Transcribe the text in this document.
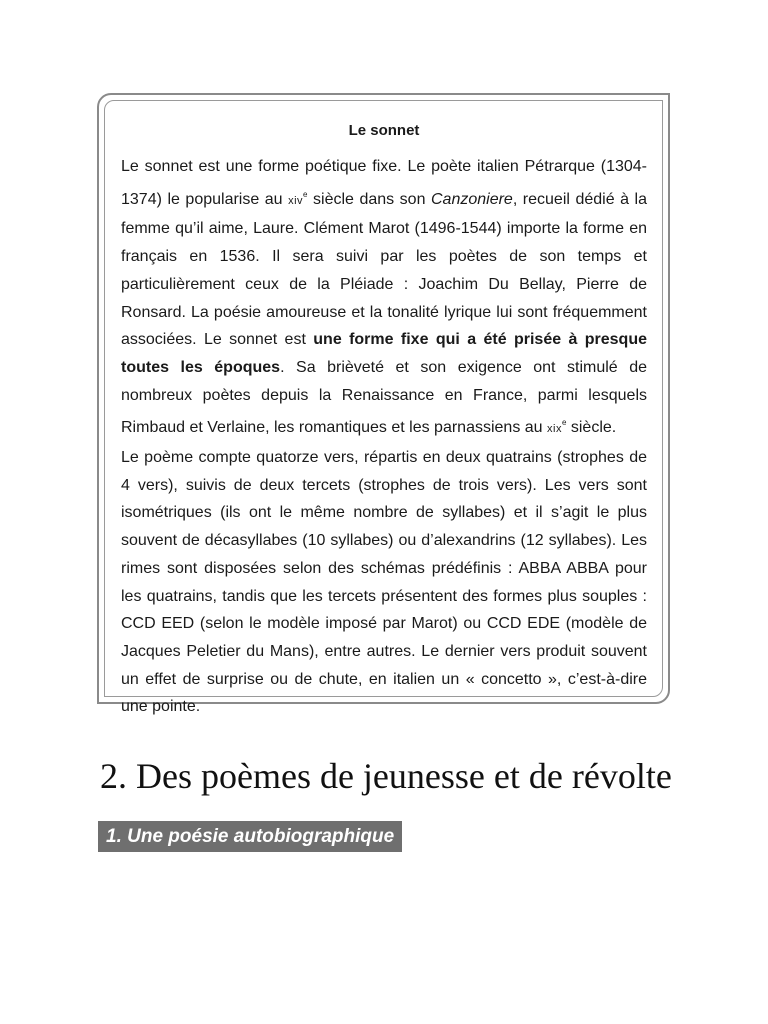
Le sonnet

Le sonnet est une forme poétique fixe. Le poète italien Pétrarque (1304-1374) le popularise au xiv$^e$ siècle dans son Canzoniere, recueil dédié à la femme qu’il aime, Laure. Clément Marot (1496-1544) importe la forme en français en 1536. Il sera suivi par les poètes de son temps et particulièrement ceux de la Pléiade : Joachim Du Bellay, Pierre de Ronsard. La poésie amoureuse et la tonalité lyrique lui sont fréquemment associées. Le sonnet est une forme fixe qui a été prisée à presque toutes les époques. Sa brièveté et son exigence ont stimulé de nombreux poètes depuis la Renaissance en France, parmi lesquels Rimbaud et Verlaine, les romantiques et les parnassiens au xix$^e$ siècle.

Le poème compte quatorze vers, répartis en deux quatrains (strophes de 4 vers), suivis de deux tercets (strophes de trois vers). Les vers sont isométriques (ils ont le même nombre de syllabes) et il s’agit le plus souvent de décasyllabes (10 syllabes) ou d’alexandrins (12 syllabes). Les rimes sont disposées selon des schémas prédéfinis : ABBA ABBA pour les quatrains, tandis que les tercets présentent des formes plus souples : CCD EED (selon le modèle imposé par Marot) ou CCD EDE (modèle de Jacques Peletier du Mans), entre autres. Le dernier vers produit souvent un effet de surprise ou de chute, en italien un « concetto », c’est-à-dire une pointe.

2. Des poèmes de jeunesse et de révolte
1. Une poésie autobiographique
